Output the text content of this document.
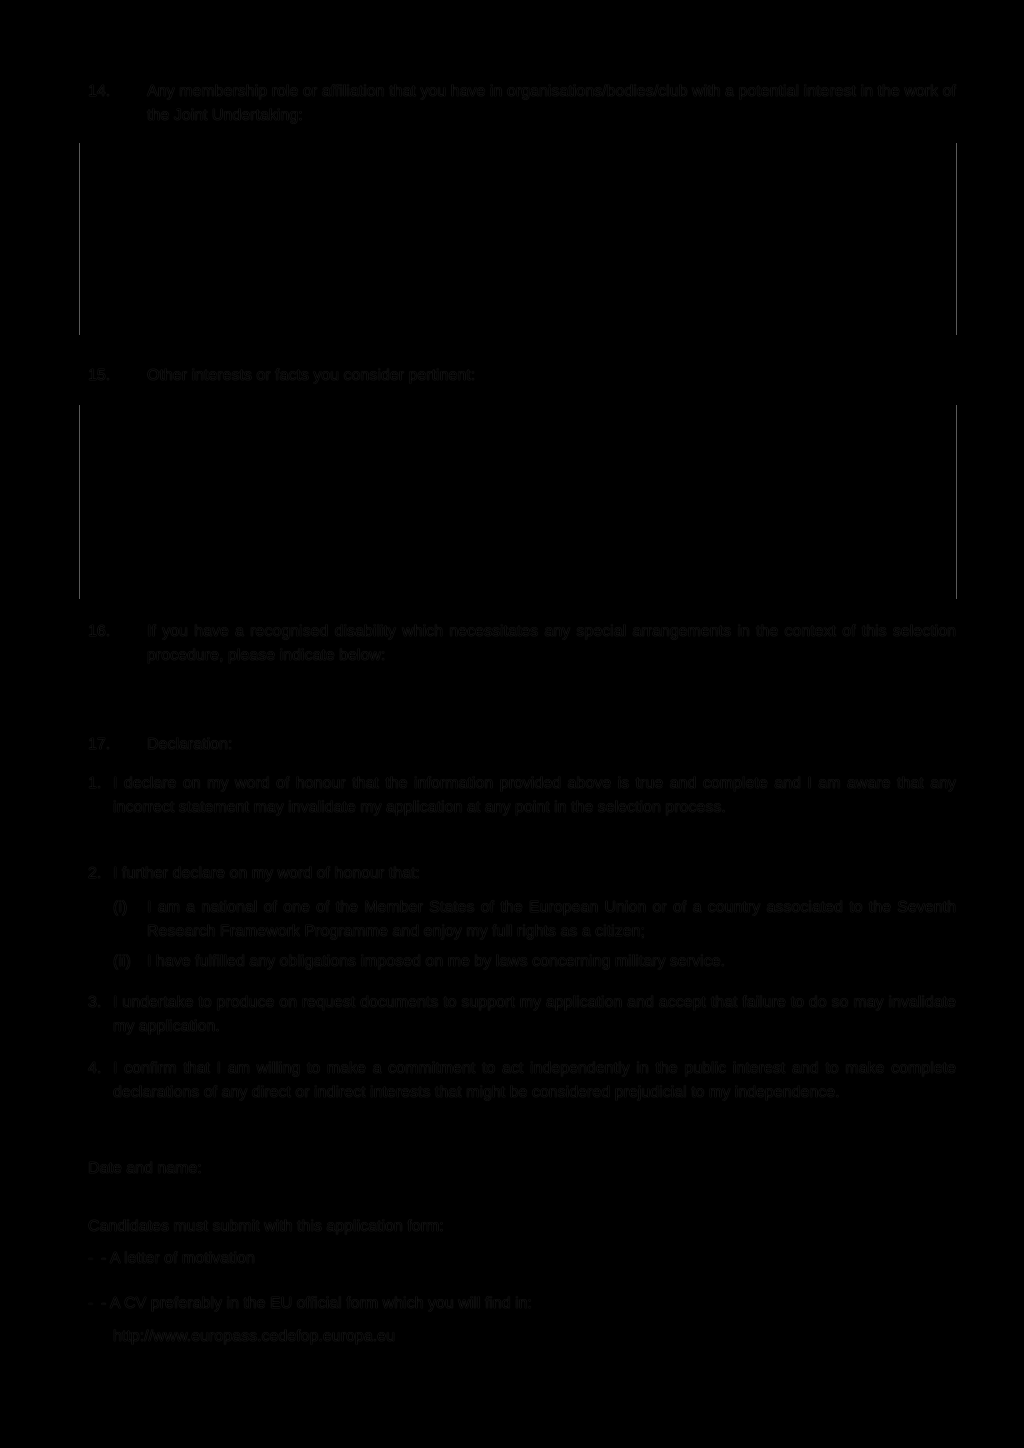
14. Any membership role or affiliation that you have in organisations/bodies/club with a potential interest in the work of the Joint Undertaking:
15. Other interests or facts you consider pertinent:
16. If you have a recognised disability which necessitates any special arrangements in the context of this selection procedure, please indicate below:
17. Declaration:
1. I declare on my word of honour that the information provided above is true and complete and I am aware that any incorrect statement may invalidate my application at any point in the selection process.
2. I further declare on my word of honour that:
(i) I am a national of one of the Member States of the European Union or of a country associated to the Seventh Research Framework Programme and enjoy my full rights as a citizen;
(ii) I have fulfilled any obligations imposed on me by laws concerning military service.
3. I undertake to produce on request documents to support my application and accept that failure to do so may invalidate my application.
4. I confirm that I am willing to make a commitment to act independently in the public interest and to make complete declarations of any direct or indirect interests that might be considered prejudicial to my independence.
Date and name:
Candidates must submit with this application form:
- - A letter of motivation
- - A CV preferably in the EU official form which you will find in:
http://www.europass.cedefop.europa.eu
